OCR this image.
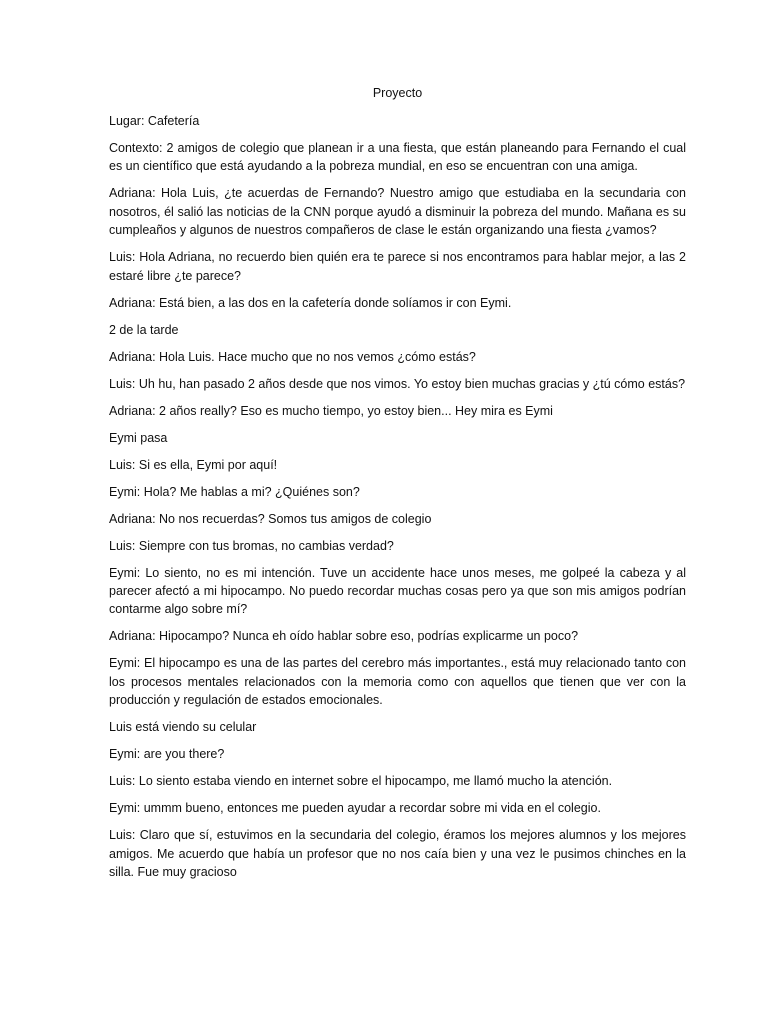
Proyecto

Lugar: Cafetería

Contexto: 2 amigos de colegio que planean ir a una fiesta, que están planeando para Fernando el cual es un científico que está ayudando a la pobreza mundial, en eso se encuentran con una amiga.

Adriana: Hola Luis, ¿te acuerdas de Fernando? Nuestro amigo que estudiaba en la secundaria con nosotros, él salió las noticias de la CNN porque ayudó a disminuir la pobreza del mundo. Mañana es su cumpleaños y algunos de nuestros compañeros de clase le están organizando una fiesta ¿vamos?

Luis: Hola Adriana, no recuerdo bien quién era te parece si nos encontramos para hablar mejor, a las 2 estaré libre ¿te parece?

Adriana: Está bien, a las dos en la cafetería donde solíamos ir con Eymi.

2 de la tarde

Adriana: Hola Luis. Hace mucho que no nos vemos ¿cómo estás?

Luis: Uh hu, han pasado 2 años desde que nos vimos. Yo estoy bien muchas gracias y ¿tú cómo estás?

Adriana: 2 años really? Eso es mucho tiempo, yo estoy bien... Hey mira es Eymi

Eymi pasa

Luis: Si es ella, Eymi por aquí!

Eymi: Hola? Me hablas a mi? ¿Quiénes son?

Adriana: No nos recuerdas? Somos tus amigos de colegio

Luis: Siempre con tus bromas, no cambias verdad?

Eymi: Lo siento, no es mi intención. Tuve un accidente hace unos meses, me golpeé la cabeza y al parecer afectó a mi hipocampo. No puedo recordar muchas cosas pero ya que son mis amigos podrían contarme algo sobre mí?

Adriana: Hipocampo? Nunca eh oído hablar sobre eso, podrías explicarme un poco?

Eymi: El hipocampo es una de las partes del cerebro más importantes., está muy relacionado tanto con los procesos mentales relacionados con la memoria como con aquellos que tienen que ver con la producción y regulación de estados emocionales.

Luis está viendo su celular

Eymi: are you there?

Luis: Lo siento estaba viendo en internet sobre el hipocampo, me llamó mucho la atención.

Eymi: ummm bueno, entonces me pueden ayudar a recordar sobre mi vida en el colegio.

Luis: Claro que sí, estuvimos en la secundaria del colegio, éramos los mejores alumnos y los mejores amigos. Me acuerdo que había un profesor que no nos caía bien y una vez le pusimos chinches en la silla. Fue muy gracioso
